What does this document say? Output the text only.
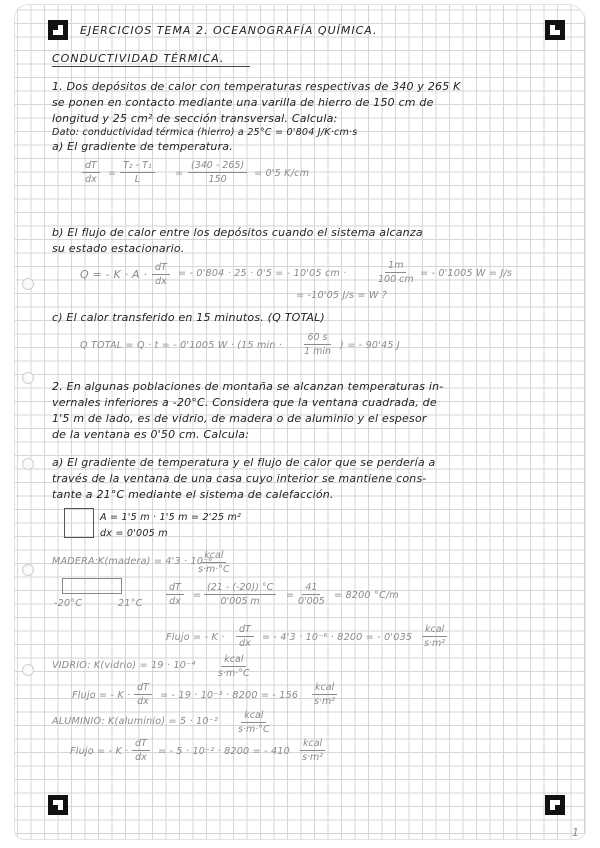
EJERCICIOS TEMA 2. OCEANOGRAFÍA QUÍMICA.
CONDUCTIVIDAD TÉRMICA.
1. Dos depósitos de calor con temperaturas respectivas de 340 y 265 K
se ponen en contacto mediante una varilla de hierro de 150 cm de
longitud y 25 cm² de sección transversal. Calcula:
Dato: conductividad térmica (hierro) a 25°C = 0'804 J/K·cm·s
a) El gradiente de temperatura.
$\frac{dT}{dx} = \frac{\text{T₂ - T₁}}{L} = \frac{(340 - 265)}{150} = 0'5$ K/cm
b) El flujo de calor entre los depósitos cuando el sistema alcanza
su estado estacionario.
Q = - $K \cdot A \cdot \frac{dT}{dx}$ = - 0'804 · 25 · 0'5 = - 10'05 cm ·	$\frac{1m}{100 cm}$ = - 0'1005 W = J/s
= -10'05 J/s = W ?
c) El calor transferido en 15 minutos. (Q TOTAL)
Q TOTAL = Q · t = - 0'1005 W · (15 min ·
60 s
1 min
) = - 90'45 J
2. En algunas poblaciones de montaña se alcanzan temperaturas in-
vernales inferiores a -20°C. Considera que la ventana cuadrada, de
1'5 m de lado, es de vidrio, de madera o de aluminio y el espesor
de la ventana es 0'50 cm. Calcula:
a) El gradiente de temperatura y el flujo de calor que se perdería a
través de la ventana de una casa cuyo interior se mantiene cons-
tante a 21°C mediante el sistema de calefacción.
A = 1'5 m · 1'5 m = 2'25 m²
dx = 0'005 m
MADERA: K(madera) = 4'3 · 10⁻⁶
kcal
s·m·°C
-20°C	$21^\circ C \frac{dT}{dx} = \frac{(21 - (-20)) ^\circ C}{0'005 m} = \frac{41}{0'005} = 8200$ °C/m
Flujo = - $K \cdot \frac{dT}{dx}$ = - 4'3 · 10⁻⁶ · 8200 = - 0'035
kcal
s·m²
VIDRIO: K(vidrio) = 19 · 10⁻⁴
kcal
s·m·°C
Flujo = - $K \cdot \frac{dT}{dx}$ = - 19 · 10⁻³ · 8200 = - 156
kcal
s·m²
ALUMINIO: K(aluminio) = 5 · 10⁻²
kcal
s·m·°C
Flujo = - $K \cdot \frac{dT}{dx}$ = - 5 · 10⁻² · 8200 = - 410
kcal
s·m²
1
